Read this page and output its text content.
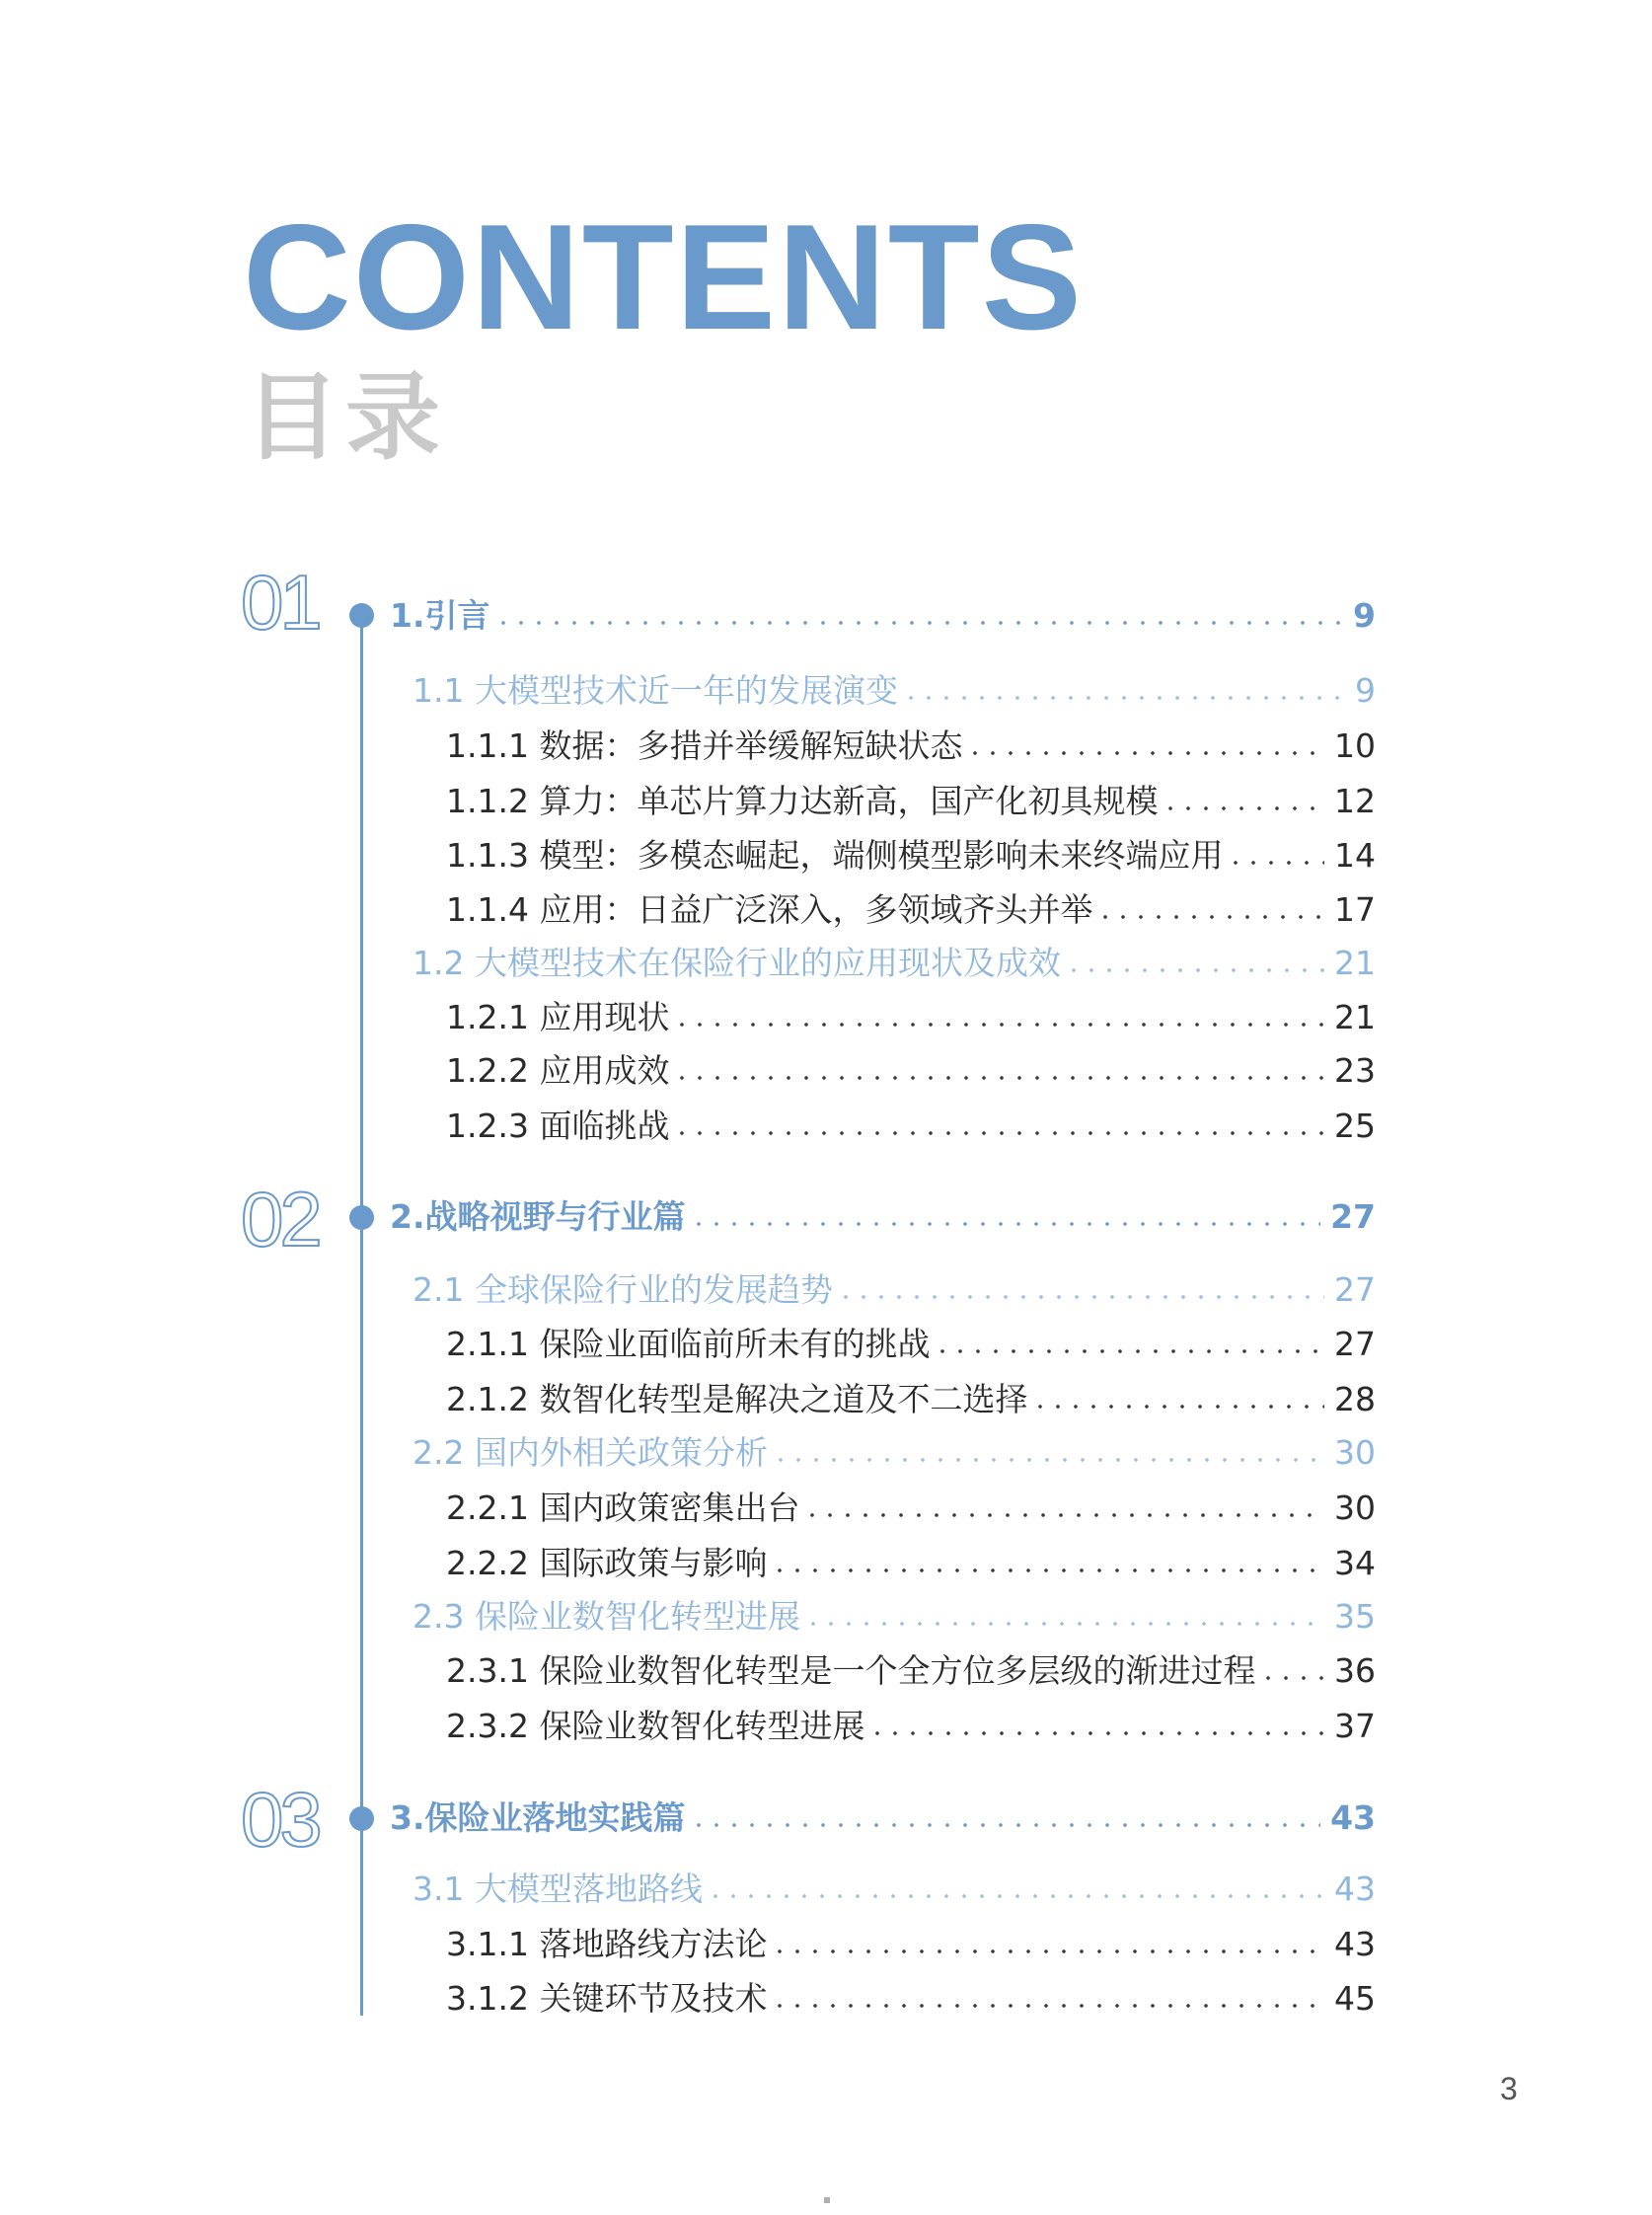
CONTENTS
目录
01	1.引言	9
1.1 大模型技术近一年的发展演变	9
1.1.1 数据：多措并举缓解短缺状态	10
1.1.2 算力：单芯片算力达新高，国产化初具规模	12
1.1.3 模型：多模态崛起，端侧模型影响未来终端应用	14
1.1.4 应用：日益广泛深入，多领域齐头并举	17
1.2 大模型技术在保险行业的应用现状及成效	21
1.2.1 应用现状	21
1.2.2 应用成效	23
1.2.3 面临挑战	25
02	2.战略视野与行业篇	27
2.1 全球保险行业的发展趋势	27
2.1.1 保险业面临前所未有的挑战	27
2.1.2 数智化转型是解决之道及不二选择	28
2.2 国内外相关政策分析	30
2.2.1 国内政策密集出台	30
2.2.2 国际政策与影响	34
2.3 保险业数智化转型进展	35
2.3.1 保险业数智化转型是一个全方位多层级的渐进过程 36
2.3.2 保险业数智化转型进展	37
03	3.保险业落地实践篇	43
3.1 大模型落地路线	43
3.1.1 落地路线方法论	43
3.1.2 关键环节及技术	45
3
